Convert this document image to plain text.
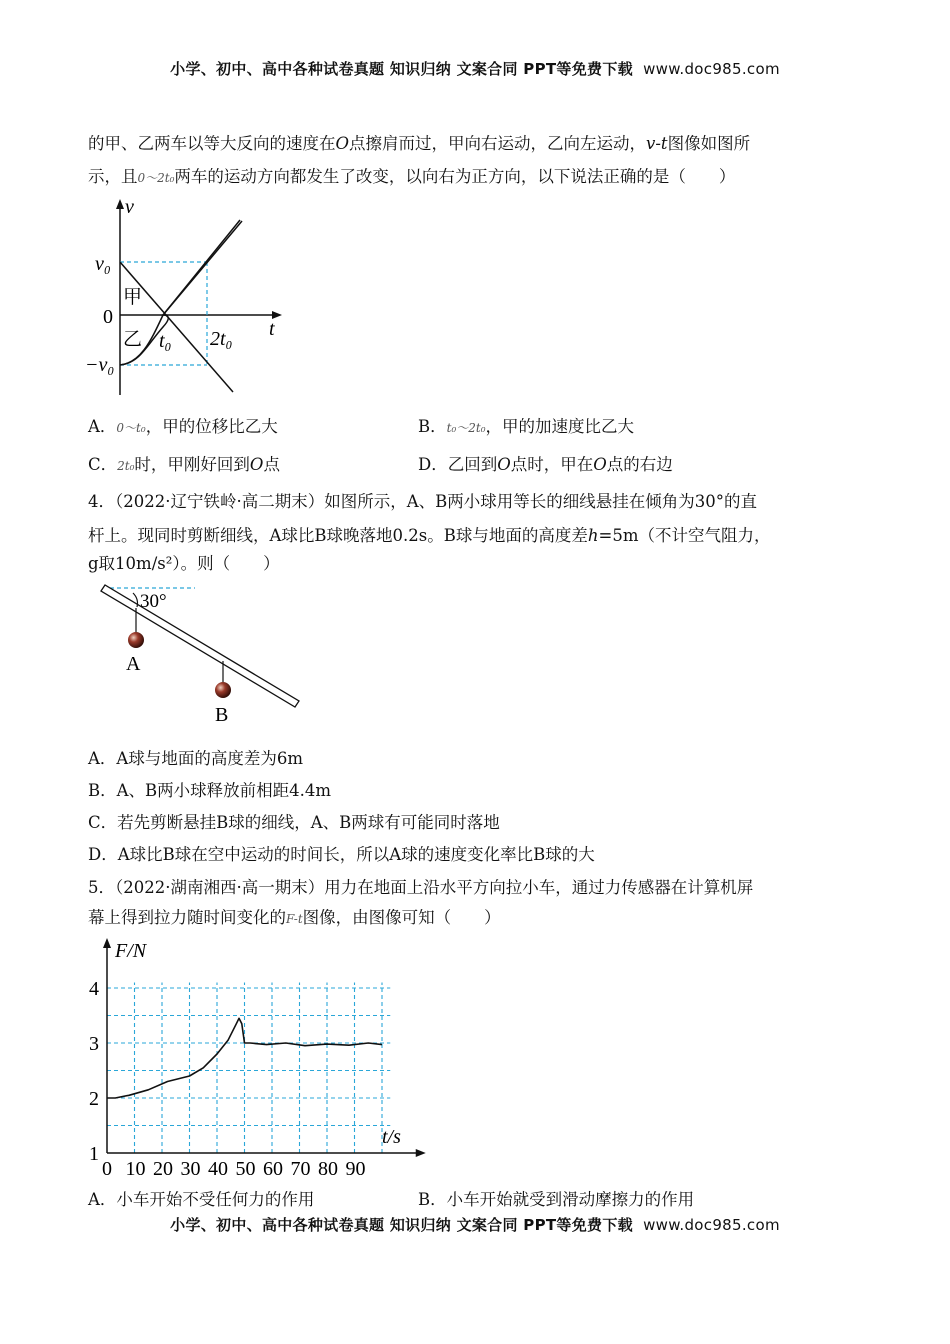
小学、初中、高中各种试卷真题 知识归纳 文案合同 PPT等免费下载 www.doc985.com
的甲、乙两车以等大反向的速度在O点擦肩而过，甲向右运动，乙向左运动，v-t图像如图所
示，且0～2t₀两车的运动方向都发生了改变，以向右为正方向，以下说法正确的是（　　）
v
t
v₀
0
−v₀
甲
乙 t₀ 2t₀
A．0～t₀，甲的位移比乙大	B．t₀～2t₀，甲的加速度比乙大
C．2t₀时，甲刚好回到O点	D．乙回到O点时，甲在O点的右边
4．（2022·辽宁铁岭·高二期末）如图所示，A、B两小球用等长的细线悬挂在倾角为30°的直
杆上。现同时剪断细线，A球比B球晚落地0.2s。B球与地面的高度差h=5m（不计空气阻力，
g取10m/s²）。则（　　）
30°
A
B
A．A球与地面的高度差为6m
B．A、B两小球释放前相距4.4m
C．若先剪断悬挂B球的细线，A、B两球有可能同时落地
D．A球比B球在空中运动的时间长，所以A球的速度变化率比B球的大
5．（2022·湖南湘西·高一期末）用力在地面上沿水平方向拉小车，通过力传感器在计算机屏
幕上得到拉力随时间变化的F-t图像，由图像可知（　　）
0 10 20 30 40 50 60 70 80 90
1
2
3
4
F/N
t/s
A．小车开始不受任何力的作用	B．小车开始就受到滑动摩擦力的作用
小学、初中、高中各种试卷真题 知识归纳 文案合同 PPT等免费下载 www.doc985.com
